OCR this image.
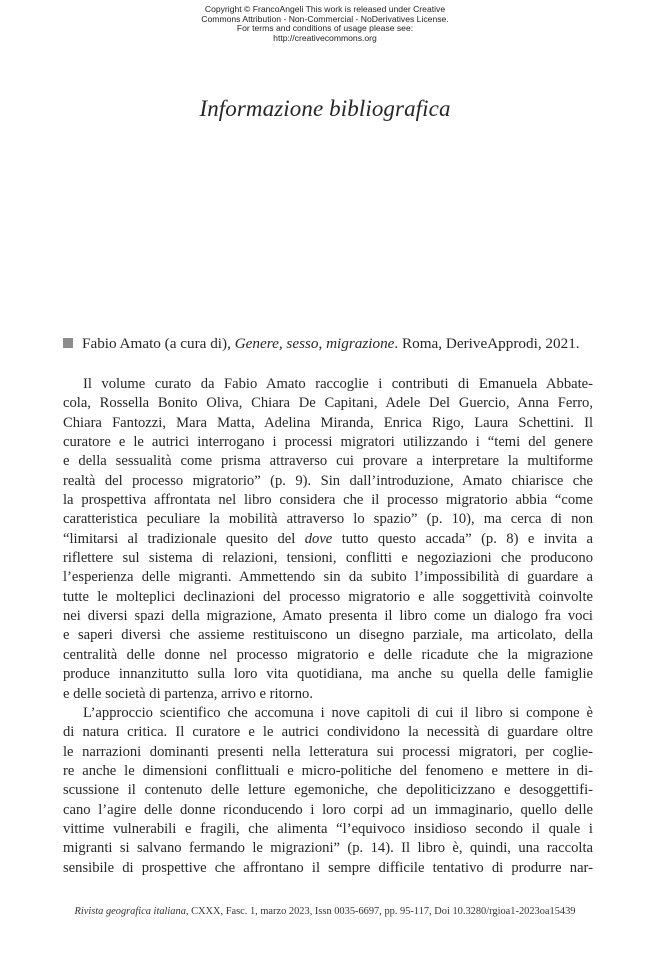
Copyright © FrancoAngeli This work is released under Creative
Commons Attribution - Non-Commercial - NoDerivatives License.
For terms and conditions of usage please see:
http://creativecommons.org
Informazione bibliografica
Fabio Amato (a cura di), Genere, sesso, migrazione. Roma, DeriveApprodi, 2021.
Il volume curato da Fabio Amato raccoglie i contributi di Emanuela Abbate-
cola, Rossella Bonito Oliva, Chiara De Capitani, Adele Del Guercio, Anna Ferro,
Chiara Fantozzi, Mara Matta, Adelina Miranda, Enrica Rigo, Laura Schettini. Il
curatore e le autrici interrogano i processi migratori utilizzando i “temi del genere
e della sessualità come prisma attraverso cui provare a interpretare la multiforme
realtà del processo migratorio” (p. 9). Sin dall’introduzione, Amato chiarisce che
la prospettiva affrontata nel libro considera che il processo migratorio abbia “come
caratteristica peculiare la mobilità attraverso lo spazio” (p. 10), ma cerca di non
“limitarsi al tradizionale quesito del dove tutto questo accada” (p. 8) e invita a
riflettere sul sistema di relazioni, tensioni, conflitti e negoziazioni che producono
l’esperienza delle migranti. Ammettendo sin da subito l’impossibilità di guardare a
tutte le molteplici declinazioni del processo migratorio e alle soggettività coinvolte
nei diversi spazi della migrazione, Amato presenta il libro come un dialogo fra voci
e saperi diversi che assieme restituiscono un disegno parziale, ma articolato, della
centralità delle donne nel processo migratorio e delle ricadute che la migrazione
produce innanzitutto sulla loro vita quotidiana, ma anche su quella delle famiglie
e delle società di partenza, arrivo e ritorno.
L’approccio scientifico che accomuna i nove capitoli di cui il libro si compone è
di natura critica. Il curatore e le autrici condividono la necessità di guardare oltre
le narrazioni dominanti presenti nella letteratura sui processi migratori, per coglie-
re anche le dimensioni conflittuali e micro-politiche del fenomeno e mettere in di-
scussione il contenuto delle letture egemoniche, che depoliticizzano e desoggettifi-
cano l’agire delle donne riconducendo i loro corpi ad un immaginario, quello delle
vittime vulnerabili e fragili, che alimenta “l’equivoco insidioso secondo il quale i
migranti si salvano fermando le migrazioni” (p. 14). Il libro è, quindi, una raccolta
sensibile di prospettive che affrontano il sempre difficile tentativo di produrre nar-
Rivista geografica italiana, CXXX, Fasc. 1, marzo 2023, Issn 0035-6697, pp. 95-117, Doi 10.3280/rgioa1-2023oa15439
